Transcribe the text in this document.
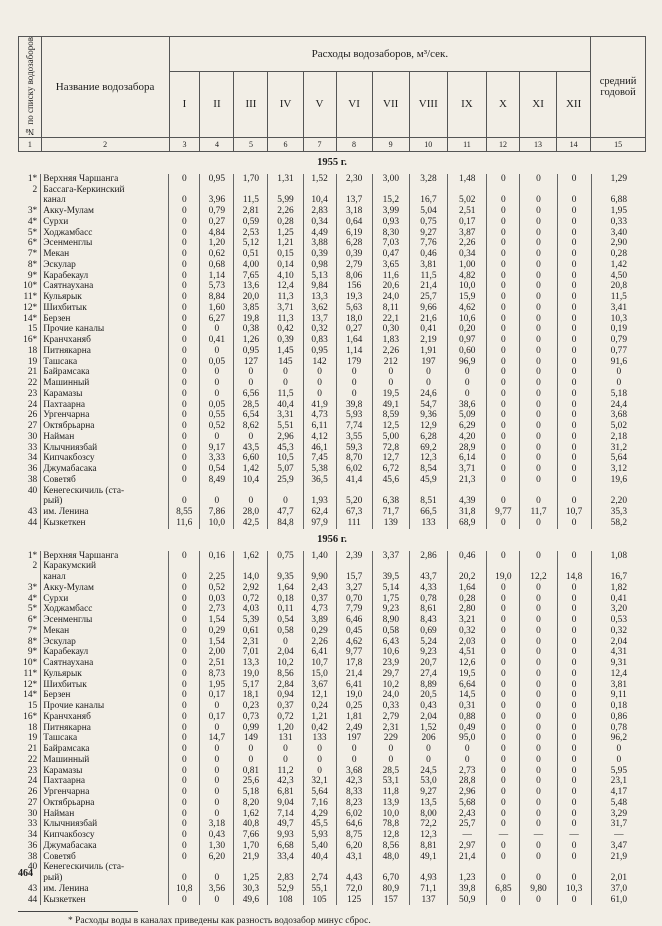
№ по списку водозаборов	Название водозабора	Расходы водозаборов, м³/сек.												средний годовой
		I	II	III	IV	V	VI	VII	VIII	IX	X	XI	XII	
1	2	3	4	5	6	7	8	9	10	11	12	13	14	15
1955 г.
1*	Верхняя Чаршанга	0	0,95	1,70	1,31	1,52	2,30	3,00	3,28	1,48	0	0	0	1,29
2	Бассага-Керкинский													
	канал	0	3,96	11,5	5,99	10,4	13,7	15,2	16,7	5,02	0	0	0	6,88
3*	Акку-Мулам	0	0,79	2,81	2,26	2,83	3,18	3,99	5,04	2,51	0	0	0	1,95
4*	Сурхи	0	0,27	0,59	0,28	0,34	0,64	0,93	0,75	0,17	0	0	0	0,33
5*	Ходжамбасс	0	4,84	2,53	1,25	4,49	6,19	8,30	9,27	3,87	0	0	0	3,40
6*	Эсенменглы	0	1,20	5,12	1,21	3,88	6,28	7,03	7,76	2,26	0	0	0	2,90
7*	Мекан	0	0,62	0,51	0,15	0,39	0,39	0,47	0,46	0,34	0	0	0	0,28
8*	Эскулар	0	0,68	4,00	0,14	0,98	2,79	3,65	3,81	1,00	0	0	0	1,42
9*	Карабекаул	0	1,14	7,65	4,10	5,13	8,06	11,6	11,5	4,82	0	0	0	4,50
10*	Саятнаухана	0	5,73	13,6	12,4	9,84	156	20,6	21,4	10,0	0	0	0	20,8
11*	Кульярык	0	8,84	20,0	11,3	13,3	19,3	24,0	25,7	15,9	0	0	0	11,5
12*	Шихбитык	0	1,60	3,85	3,71	3,62	5,63	8,11	9,66	4,62	0	0	0	3,41
14*	Берзен	0	6,27	19,8	11,3	13,7	18,0	22,1	21,6	10,6	0	0	0	10,3
15	Прочие каналы	0	0	0,38	0,42	0,32	0,27	0,30	0,41	0,20	0	0	0	0,19
16*	Кранчханяб	0	0,41	1,26	0,39	0,83	1,64	1,83	2,19	0,97	0	0	0	0,79
18	Питнякарна	0	0	0,95	1,45	0,95	1,14	2,26	1,91	0,60	0	0	0	0,77
19	Ташсака	0	0,05	127	145	142	179	212	197	96,9	0	0	0	91,6
21	Байрамсака	0	0	0	0	0	0	0	0	0	0	0	0	0
22	Машинный	0	0	0	0	0	0	0	0	0	0	0	0	0
23	Карамазы	0	0	6,56	11,5	0	0	19,5	24,6	0	0	0	0	5,18
24	Пахтаарна	0	0,05	28,5	40,4	41,9	39,8	49,1	54,7	38,6	0	0	0	24,4
26	Ургенчарна	0	0,55	6,54	3,31	4,73	5,93	8,59	9,36	5,09	0	0	0	3,68
27	Октябрьарна	0	0,52	8,62	5,51	6,11	7,74	12,5	12,9	6,29	0	0	0	5,02
30	Найман	0	0	0	2,96	4,12	3,55	5,00	6,28	4,20	0	0	0	2,18
33	Клычниязбай	0	9,17	43,5	45,3	46,1	59,3	72,8	69,2	28,9	0	0	0	31,2
34	Кипчакбозсу	0	3,33	6,60	10,5	7,45	8,70	12,7	12,3	6,14	0	0	0	5,64
36	Джумабасака	0	0,54	1,42	5,07	5,38	6,02	6,72	8,54	3,71	0	0	0	3,12
38	Советяб	0	8,49	10,4	25,9	36,5	41,4	45,6	45,9	21,3	0	0	0	19,6
40	Кенегескичиль (ста-													
	рый)	0	0	0	0	1,93	5,20	6,38	8,51	4,39	0	0	0	2,20
43	им. Ленина	8,55	7,86	28,0	47,7	62,4	67,3	71,7	66,5	31,8	9,77	11,7	10,7	35,3
44	Кызкеткен	11,6	10,0	42,5	84,8	97,9	111	139	133	68,9	0	0	0	58,2
1956 г.
1*	Верхняя Чаршанга	0	0,16	1,62	0,75	1,40	2,39	3,37	2,86	0,46	0	0	0	1,08
2	Каракумский													
	канал	0	2,25	14,0	9,35	9,90	15,7	39,5	43,7	20,2	19,0	12,2	14,8	16,7
3*	Акку-Мулам	0	0,52	2,92	1,64	2,43	3,27	5,14	4,33	1,64	0	0	0	1,82
4*	Сурхи	0	0,03	0,72	0,18	0,37	0,70	1,75	0,78	0,28	0	0	0	0,41
5*	Ходжамбасс	0	2,73	4,03	0,11	4,73	7,79	9,23	8,61	2,80	0	0	0	3,20
6*	Эсенменглы	0	1,54	5,39	0,54	3,89	6,46	8,90	8,43	3,21	0	0	0	0,53
7*	Мекан	0	0,29	0,61	0,58	0,29	0,45	0,58	0,69	0,32	0	0	0	0,32
8*	Эскулар	0	1,54	2,31	0	2,26	4,62	6,43	5,24	2,03	0	0	0	2,04
9*	Карабекаул	0	2,00	7,01	2,04	6,41	9,77	10,6	9,23	4,51	0	0	0	4,31
10*	Саятнаухана	0	2,51	13,3	10,2	10,7	17,8	23,9	20,7	12,6	0	0	0	9,31
11*	Кульярык	0	8,73	19,0	8,56	15,0	21,4	29,7	27,4	19,5	0	0	0	12,4
12*	Шихбитык	0	1,95	5,17	2,84	3,67	6,41	10,2	8,89	6,64	0	0	0	3,81
14*	Берзен	0	0,17	18,1	0,94	12,1	19,0	24,0	20,5	14,5	0	0	0	9,11
15	Прочие каналы	0	0	0,23	0,37	0,24	0,25	0,33	0,43	0,31	0	0	0	0,18
16*	Кранчханяб	0	0,17	0,73	0,72	1,21	1,81	2,79	2,04	0,88	0	0	0	0,86
18	Питнякарна	0	0	0,99	1,20	0,42	2,49	2,31	1,52	0,49	0	0	0	0,78
19	Ташсака	0	14,7	149	131	133	197	229	206	95,0	0	0	0	96,2
21	Байрамсака	0	0	0	0	0	0	0	0	0	0	0	0	0
22	Машинный	0	0	0	0	0	0	0	0	0	0	0	0	0
23	Карамазы	0	0	0,81	11,2	0	3,68	28,5	24,5	2,73	0	0	0	5,95
24	Пахтаарна	0	0	25,6	42,3	32,1	42,3	53,1	53,0	28,8	0	0	0	23,1
26	Ургенчарна	0	0	5,18	6,81	5,64	8,33	11,8	9,27	2,96	0	0	0	4,17
27	Октябрьарна	0	0	8,20	9,04	7,16	8,23	13,9	13,5	5,68	0	0	0	5,48
30	Найман	0	0	1,62	7,14	4,29	6,02	10,0	8,00	2,43	0	0	0	3,29
33	Клычниязбай	0	3,18	40,8	49,7	45,5	64,6	78,8	72,2	25,7	0	0	0	31,7
34	Кипчакбозсу	0	0,43	7,66	9,93	5,93	8,75	12,8	12,3	—	—	—	—	—
36	Джумабасака	0	1,30	1,70	6,68	5,40	6,20	8,56	8,81	2,97	0	0	0	3,47
38	Советяб	0	6,20	21,9	33,4	40,4	43,1	48,0	49,1	21,4	0	0	0	21,9
40	Кенегескичиль (ста-													
	рый)	0	0	1,25	2,83	2,74	4,43	6,70	4,93	1,23	0	0	0	2,01
43	им. Ленина	10,8	3,56	30,3	52,9	55,1	72,0	80,9	71,1	39,8	6,85	9,80	10,3	37,0
44	Кызкеткен	0	0	49,6	108	105	125	157	137	50,9	0	0	0	61,0
* Расходы воды в каналах приведены как разность водозабор минус сброс.
464
